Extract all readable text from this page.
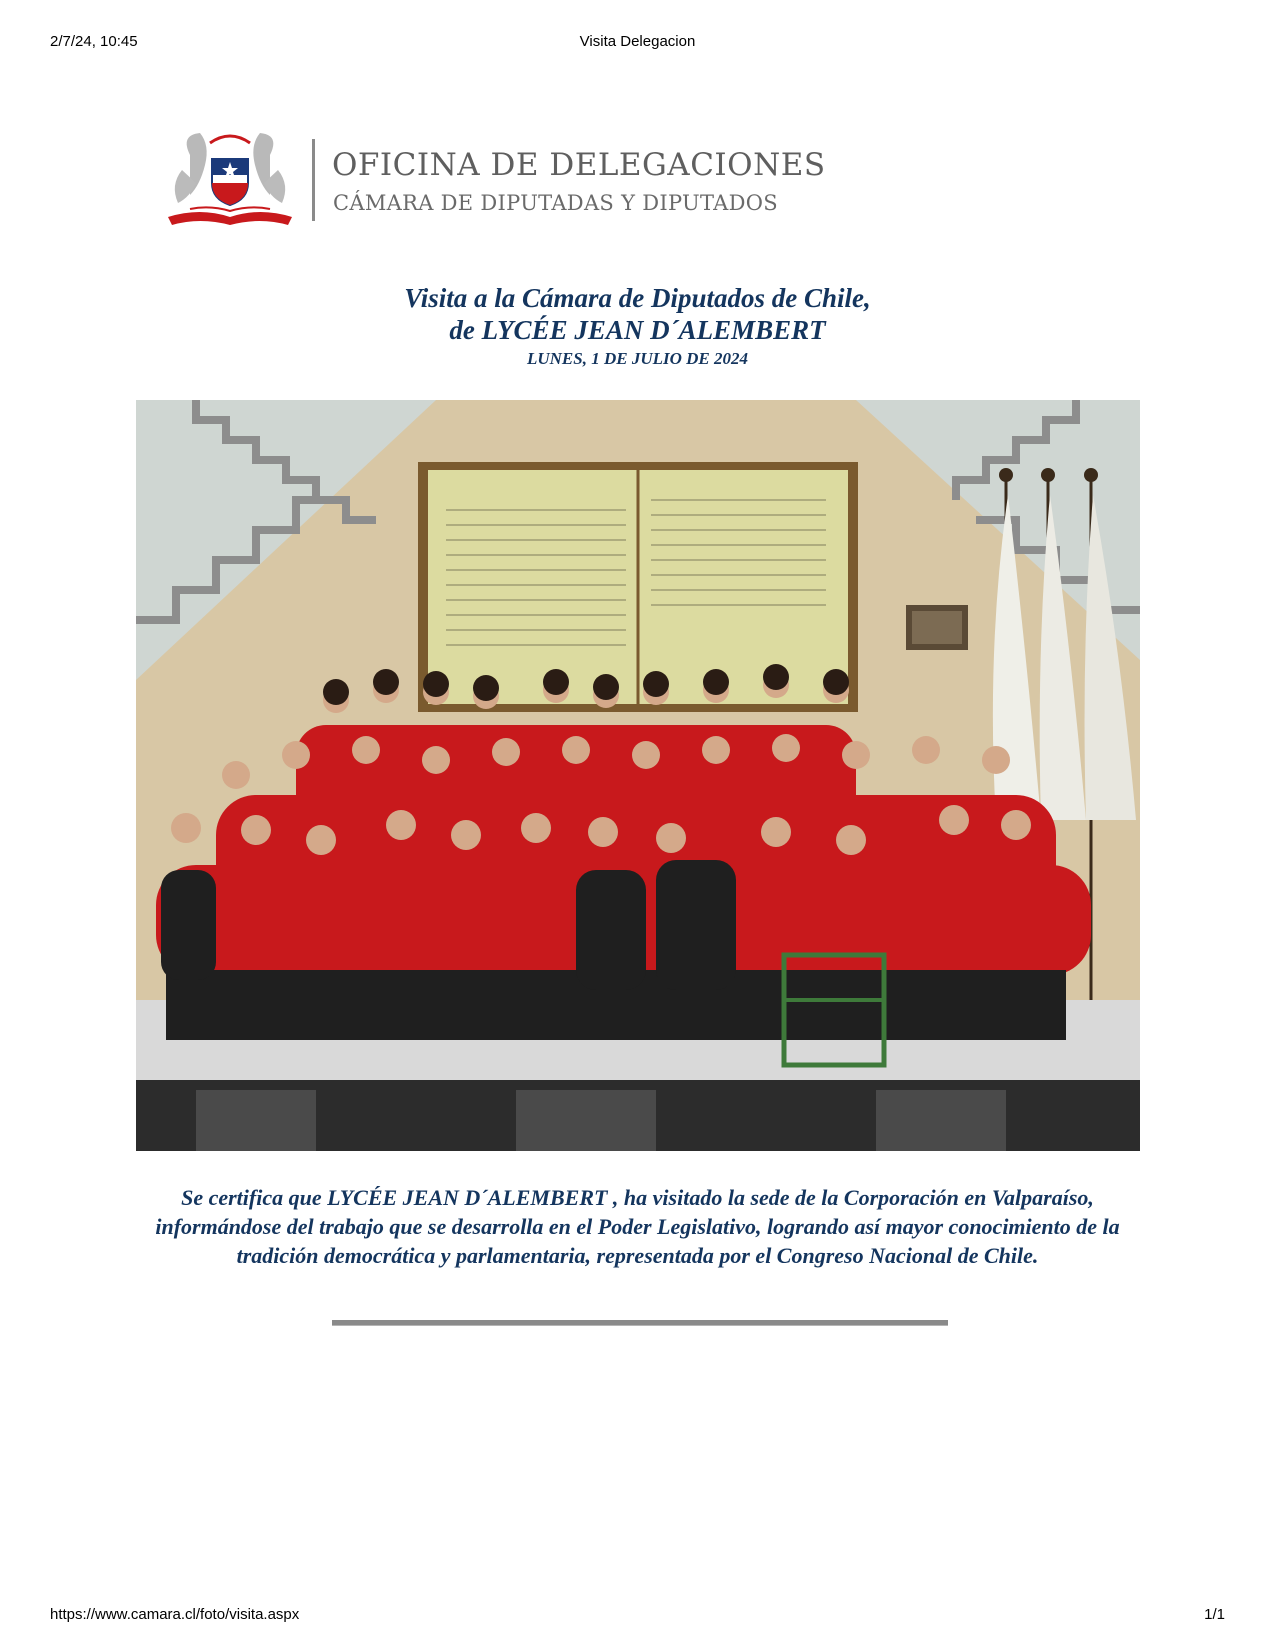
2/7/24, 10:45	Visita Delegacion
OFICINA DE DELEGACIONES
CÁMARA DE DIPUTADAS Y DIPUTADOS
Visita a la Cámara de Diputados de Chile,
de LYCÉE JEAN D´ALEMBERT
LUNES, 1 DE JULIO DE 2024
Se certifica que LYCÉE JEAN D´ALEMBERT , ha visitado la sede de la Corporación en Valparaíso, informándose del trabajo que se desarrolla en el Poder Legislativo, logrando así mayor conocimiento de la tradición democrática y parlamentaria, representada por el Congreso Nacional de Chile.
https://www.camara.cl/foto/visita.aspx	1/1
